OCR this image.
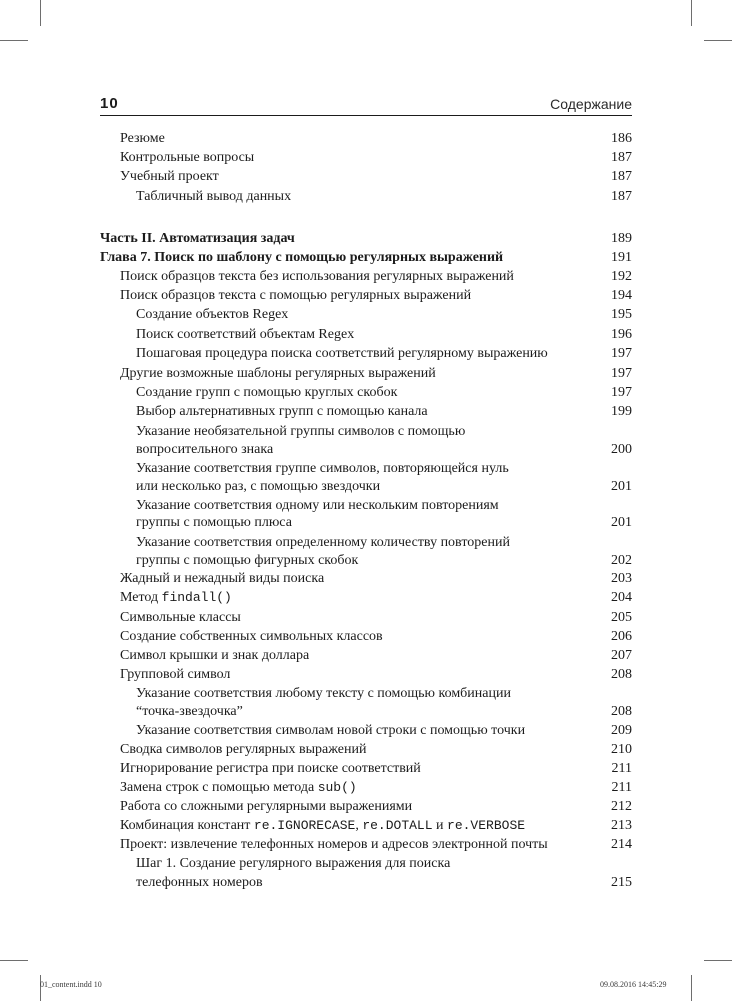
10	Содержание
Резюме	186
Контрольные вопросы	187
Учебный проект	187
Табличный вывод данных	187
Часть II. Автоматизация задач	189
Глава 7. Поиск по шаблону с помощью регулярных выражений	191
Поиск образцов текста без использования регулярных выражений	192
Поиск образцов текста с помощью регулярных выражений	194
Создание объектов Regex	195
Поиск соответствий объектам Regex	196
Пошаговая процедура поиска соответствий регулярному выражению	197
Другие возможные шаблоны регулярных выражений	197
Создание групп с помощью круглых скобок	197
Выбор альтернативных групп с помощью канала	199
Указание необязательной группы символов с помощью
вопросительного знака	200
Указание соответствия группе символов, повторяющейся нуль
или несколько раз, с помощью звездочки	201
Указание соответствия одному или нескольким повторениям
группы с помощью плюса	201
Указание соответствия определенному количеству повторений
группы с помощью фигурных скобок	202
Жадный и нежадный виды поиска	203
Метод findall()	204
Символьные классы	205
Создание собственных символьных классов	206
Символ крышки и знак доллара	207
Групповой символ	208
Указание соответствия любому тексту с помощью комбинации
“точка-звездочка”	208
Указание соответствия символам новой строки с помощью точки	209
Сводка символов регулярных выражений	210
Игнорирование регистра при поиске соответствий	211
Замена строк с помощью метода sub()	211
Работа со сложными регулярными выражениями	212
Комбинация констант re.IGNORECASE, re.DOTALL и re.VERBOSE	213
Проект: извлечение телефонных номеров и адресов электронной почты	214
Шаг 1. Создание регулярного выражения для поиска
телефонных номеров	215
01_content.indd 10	09.08.2016 14:45:29
